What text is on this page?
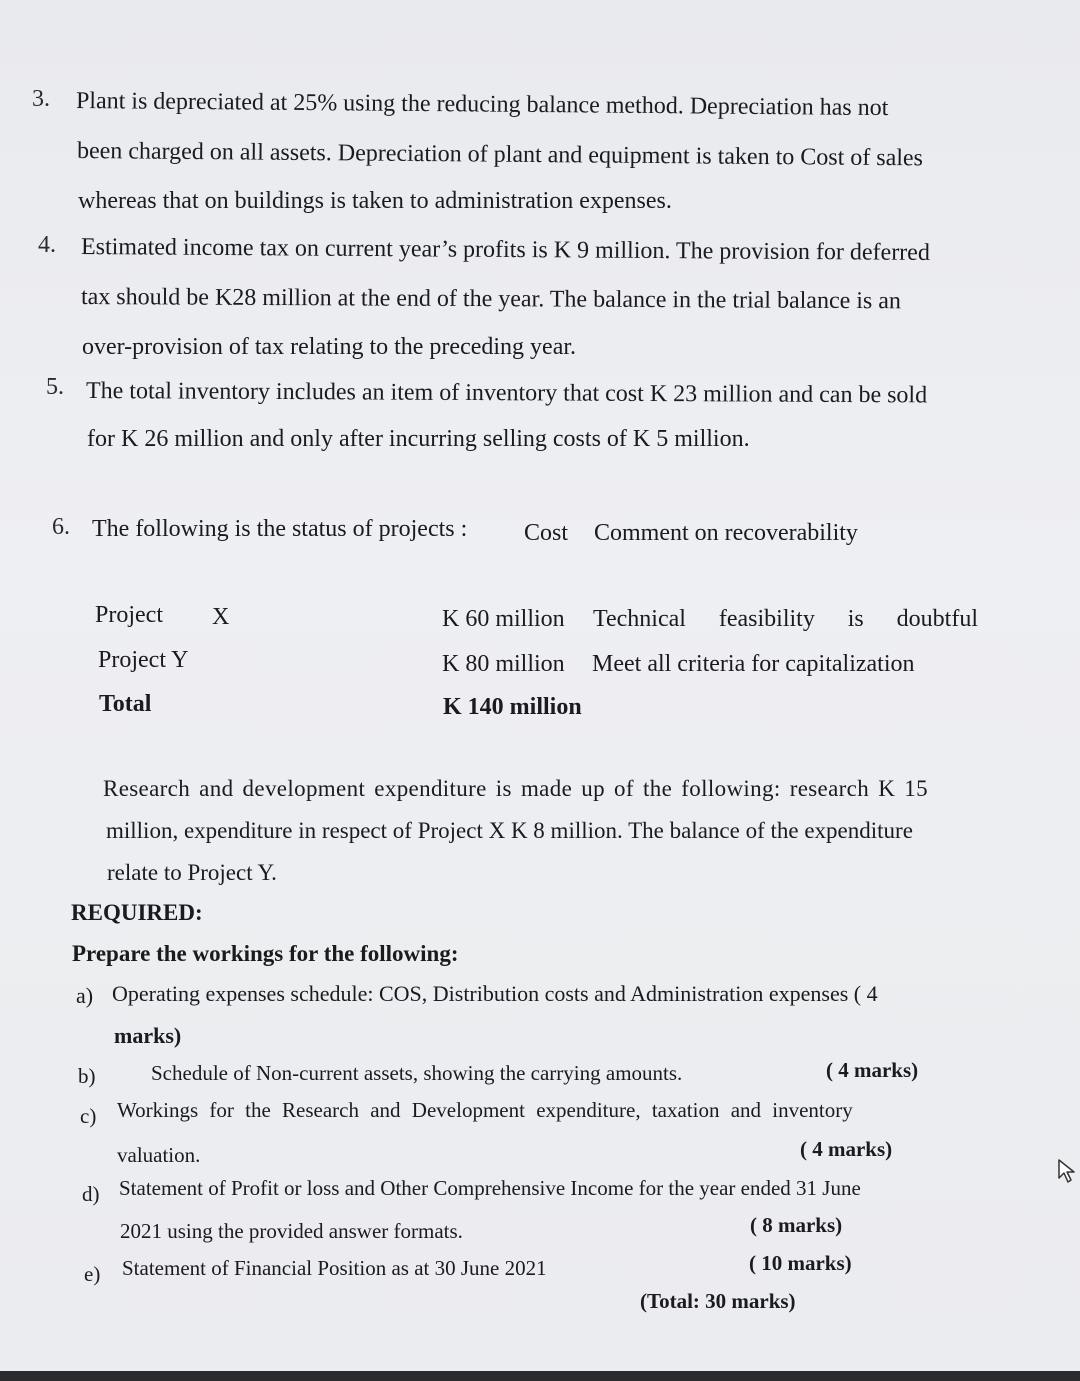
3. Plant is depreciated at 25% using the reducing balance method. Depreciation has not
been charged on all assets. Depreciation of plant and equipment is taken to Cost of sales
whereas that on buildings is taken to administration expenses.
4. Estimated income tax on current year’s profits is K 9 million. The provision for deferred
tax should be K28 million at the end of the year. The balance in the trial balance is an
over-provision of tax relating to the preceding year.
5. The total inventory includes an item of inventory that cost K 23 million and can be sold
for K 26 million and only after incurring selling costs of K 5 million.
6. The following is the status of projects : Cost Comment on recoverability
Project X	K 60 million Technical feasibility is doubtful
Project Y	K 80 million Meet all criteria for capitalization
Total	K 140 million
Research and development expenditure is made up of the following: research K 15
million, expenditure in respect of Project X K 8 million. The balance of the expenditure
relate to Project Y.
REQUIRED:
Prepare the workings for the following:
a) Operating expenses schedule: COS, Distribution costs and Administration expenses ( 4
marks)
b)	Schedule of Non-current assets, showing the carrying amounts.	( 4 marks)
c) Workings for the Research and Development expenditure, taxation and inventory
valuation.	( 4 marks)
d) Statement of Profit or loss and Other Comprehensive Income for the year ended 31 June
2021 using the provided answer formats.	( 8 marks)
e) Statement of Financial Position as at 30 June 2021	( 10 marks)
(Total: 30 marks)
